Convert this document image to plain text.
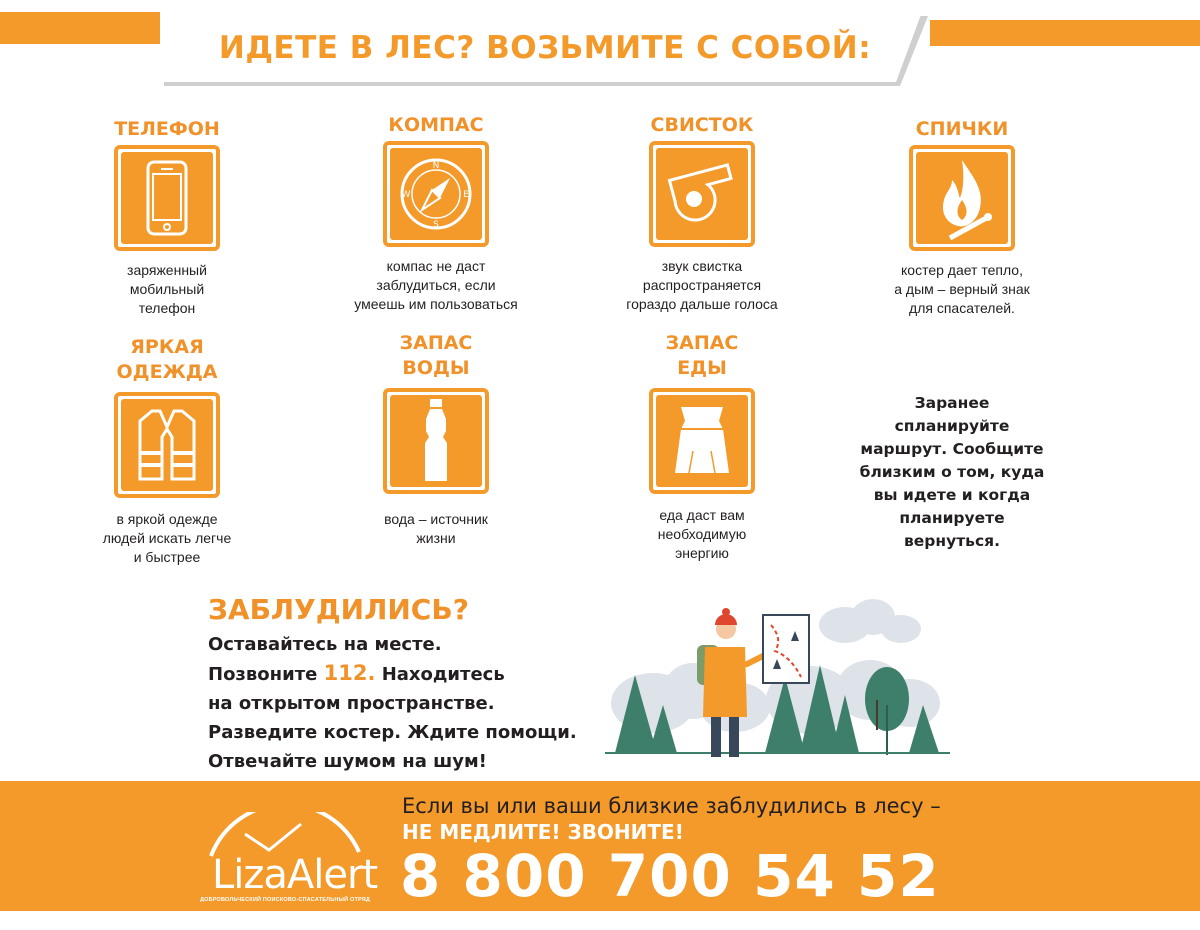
ИДЕТЕ В ЛЕС? ВОЗЬМИТЕ С СОБОЙ:
ТЕЛЕФОН
заряженный
мобильный
телефон
КОМПАС
N
S
W	E
компас не даст
заблудиться, если
умеешь им пользоваться
СВИСТОК
звук свистка
распространяется
гораздо дальше голоса
СПИЧКИ
костер дает тепло,
а дым – верный знак
для спасателей.
ЯРКАЯ
ОДЕЖДА
в яркой одежде
людей искать легче
и быстрее
ЗАПАС
ВОДЫ
вода – источник
жизни
ЗАПАС
ЕДЫ
еда даст вам
необходимую
энергию
Заранее
спланируйте
маршрут. Сообщите
близким о том, куда
вы идете и когда
планируете
вернуться.
ЗАБЛУДИЛИСЬ?
Оставайтесь на месте.
Позвоните 112. Находитесь
на открытом пространстве.
Разведите костер. Ждите помощи.
Отвечайте шумом на шум!
LizaAlert
ДОБРОВОЛЬЧЕСКИЙ ПОИСКОВО-СПАСАТЕЛЬНЫЙ ОТРЯД
Если вы или ваши близкие заблудились в лесу –
НЕ МЕДЛИТЕ! ЗВОНИТЕ!
8 800 700 54 52
